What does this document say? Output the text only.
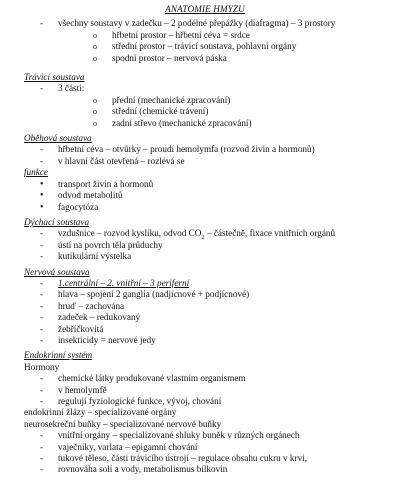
ANATOMIE HMYZU
- všechny soustavy v zadečku – 2 podélné přepážky (diafragma) – 3 prostory
o hřbetní prostor – hřbetní céva = srdce
o střední prostor – trávicí soustava, pohlavní orgány
o spodní prostor – nervová páska
Trávicí soustava
- 3 části:
o přední (mechanické zpracování)
o střední (chemické trávení)
o zadní střevo (mechanické zpracování)
Oběhová soustava
- hřbetní céva – otvůrky – proudí hemolymfa (rozvod živin a hormonů)
- v hlavní část otevřená – rozlévá se
funkce
• transport živin a hormonů
• odvod metabolitů
• fagocytóza
Dýchací soustava
- vzdušnice – rozvod kyslíku, odvod $CO_2$ – částečně, fixace vnitřních orgánů
- ústí na povrch těla průduchy
- kutikulární výstelka
Nervová soustava
- 1.centrální – 2. vnitřní – 3 periferní
- hlava – spojení 2 ganglia (nadjícnové + podjícnové)
- hruď – zachována
- zadeček – redukovaný
- žebříčkovitá
- insekticidy = nervové jedy
Endokrinní systém
Hormony
- chemické látky produkované vlastním organismem
- v hemolymfě
- regulují fyziologické funkce, vývoj, chování
endokrinní žlázy – specializované orgány
neurosekreční buňky – specializované nervové buňky
- vnitřní orgány – specializované shluky buněk v různých orgánech
- vaječníky, varlata – epigamní chování
- tukové těleso, části trávicího ústrojí – regulace obsahu cukru v krvi,
- rovnováha solí a vody, metabolismus bílkovin
